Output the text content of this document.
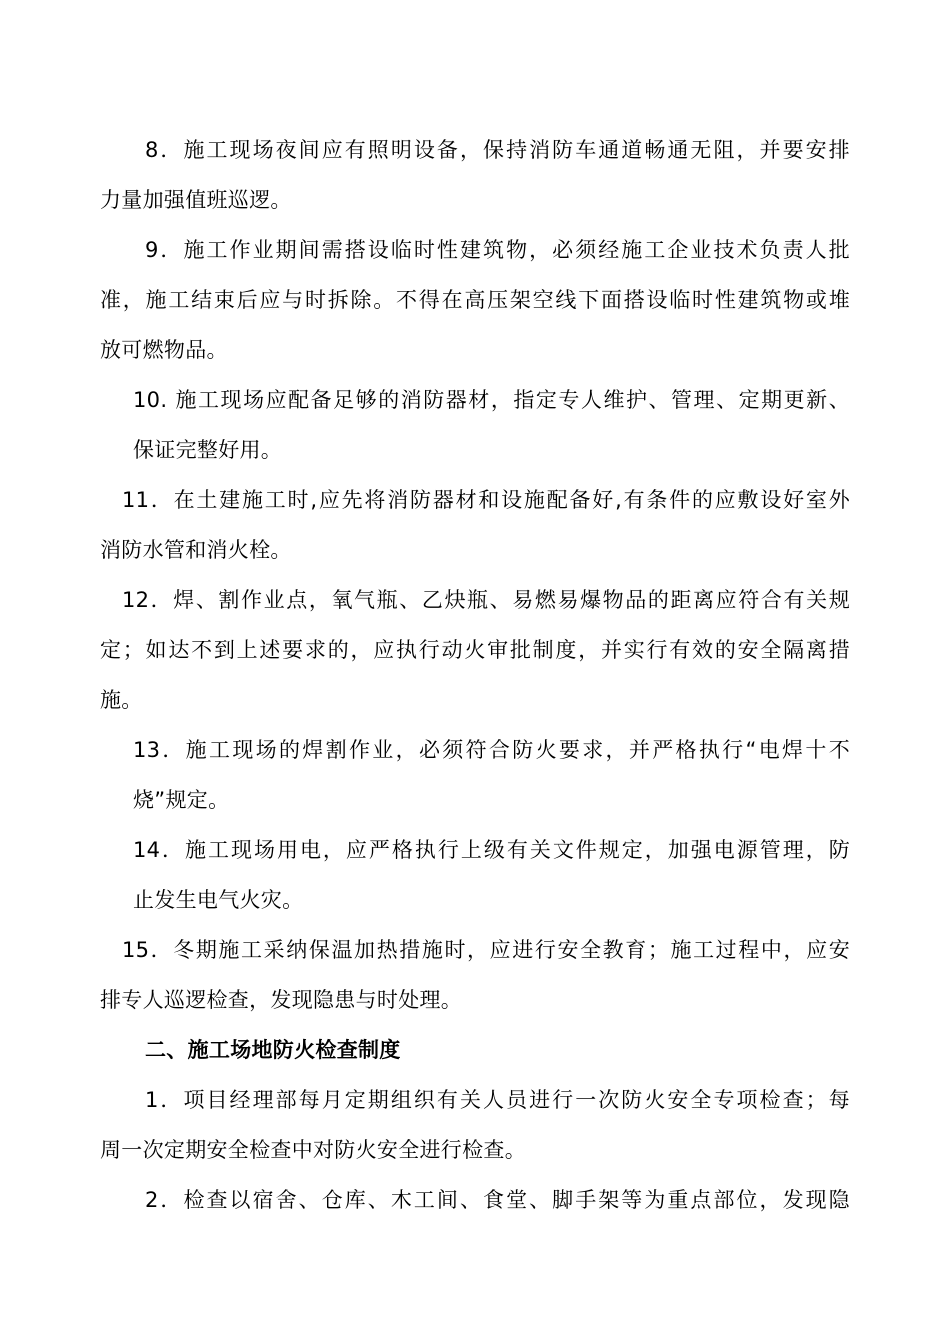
8．施工现场夜间应有照明设备，保持消防车通道畅通无阻，并要安排
力量加强值班巡逻。
9．施工作业期间需搭设临时性建筑物，必须经施工企业技术负责人批
准，施工结束后应与时拆除。不得在高压架空线下面搭设临时性建筑物或堆
放可燃物品。
10. 施工现场应配备足够的消防器材，指定专人维护、管理、定期更新、
保证完整好用。
11．在土建施工时,应先将消防器材和设施配备好,有条件的应敷设好室外
消防水管和消火栓。
12．焊、割作业点，氧气瓶、乙炔瓶、易燃易爆物品的距离应符合有关规
定；如达不到上述要求的，应执行动火审批制度，并实行有效的安全隔离措
施。
13．施工现场的焊割作业，必须符合防火要求，并严格执行“电焊十不
烧”规定。
14．施工现场用电，应严格执行上级有关文件规定，加强电源管理，防
止发生电气火灾。
15．冬期施工采纳保温加热措施时，应进行安全教育；施工过程中，应安
排专人巡逻检查，发现隐患与时处理。
二、施工场地防火检查制度
1．项目经理部每月定期组织有关人员进行一次防火安全专项检查；每
周一次定期安全检查中对防火安全进行检查。
2．检查以宿舍、仓库、木工间、食堂、脚手架等为重点部位，发现隐
